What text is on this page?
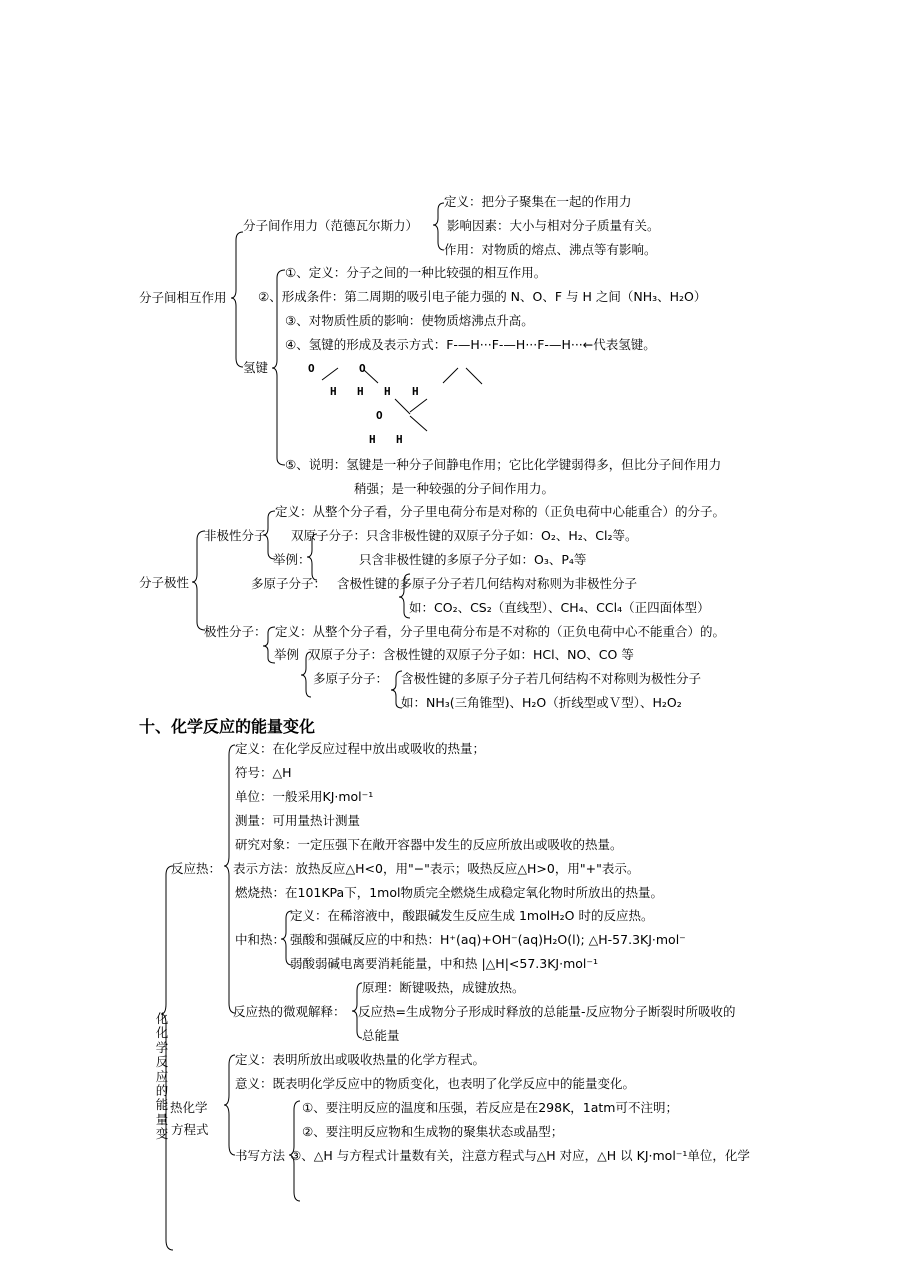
分子间相互作用
分子间作用力（范德瓦尔斯力）
定义：把分子聚集在一起的作用力
影响因素：大小与相对分子质量有关。
作用：对物质的熔点、沸点等有影响。
氢键
①、定义：分子之间的一种比较强的相互作用。
②、形成条件：第二周期的吸引电子能力强的 N、O、F 与 H 之间（NH₃、H₂O）
③、对物质性质的影响：使物质熔沸点升高。
④、氢键的形成及表示方式：F-—H···F-—H···F-—H···←代表氢键。
O	O
H H H H
O
H H
⑤、说明：氢键是一种分子间静电作用；它比化学键弱得多，但比分子间作用力
稍强；是一种较强的分子间作用力。
分子极性
非极性分子
定义：从整个分子看，分子里电荷分布是对称的（正负电荷中心能重合）的分子。
双原子分子：只含非极性键的双原子分子如：O₂、H₂、Cl₂等。
举例：	只含非极性键的多原子分子如：O₃、P₄等
多原子分子： 含极性键的多原子分子若几何结构对称则为非极性分子
如：CO₂、CS₂（直线型）、CH₄、CCl₄（正四面体型）
极性分子： 定义：从整个分子看，分子里电荷分布是不对称的（正负电荷中心不能重合）的。
举例 双原子分子：含极性键的双原子分子如：HCl、NO、CO 等
多原子分子： 含极性键的多原子分子若几何结构不对称则为极性分子
如：NH₃(三角锥型)、H₂O（折线型或Ｖ型）、H₂O₂
十、化学反应的能量变化
化化学反应的能量变
反应热：
定义：在化学反应过程中放出或吸收的热量；
符号：△H
单位：一般采用KJ·mol⁻¹
测量：可用量热计测量
研究对象：一定压强下在敞开容器中发生的反应所放出或吸收的热量。
表示方法：放热反应△H<0，用"−"表示；吸热反应△H>0，用"+"表示。
燃烧热：在101KPa下，1mol物质完全燃烧生成稳定氧化物时所放出的热量。
中和热：
定义：在稀溶液中，酸跟碱发生反应生成 1molH₂O 时的反应热。
强酸和强碱反应的中和热：H⁺(aq)+OH⁻(aq)H₂O(l); △H-57.3KJ·mol⁻
弱酸弱碱电离要消耗能量，中和热 |△H|<57.3KJ·mol⁻¹
反应热的微观解释：
原理：断键吸热，成键放热。
反应热=生成物分子形成时释放的总能量-反应物分子断裂时所吸收的
总能量
热化学
方程式
定义：表明所放出或吸收热量的化学方程式。
意义：既表明化学反应中的物质变化，也表明了化学反应中的能量变化。
书写方法
①、要注明反应的温度和压强，若反应是在298K，1atm可不注明；
②、要注明反应物和生成物的聚集状态或晶型；
③、△H 与方程式计量数有关，注意方程式与△H 对应，△H 以 KJ·mol⁻¹单位，化学
